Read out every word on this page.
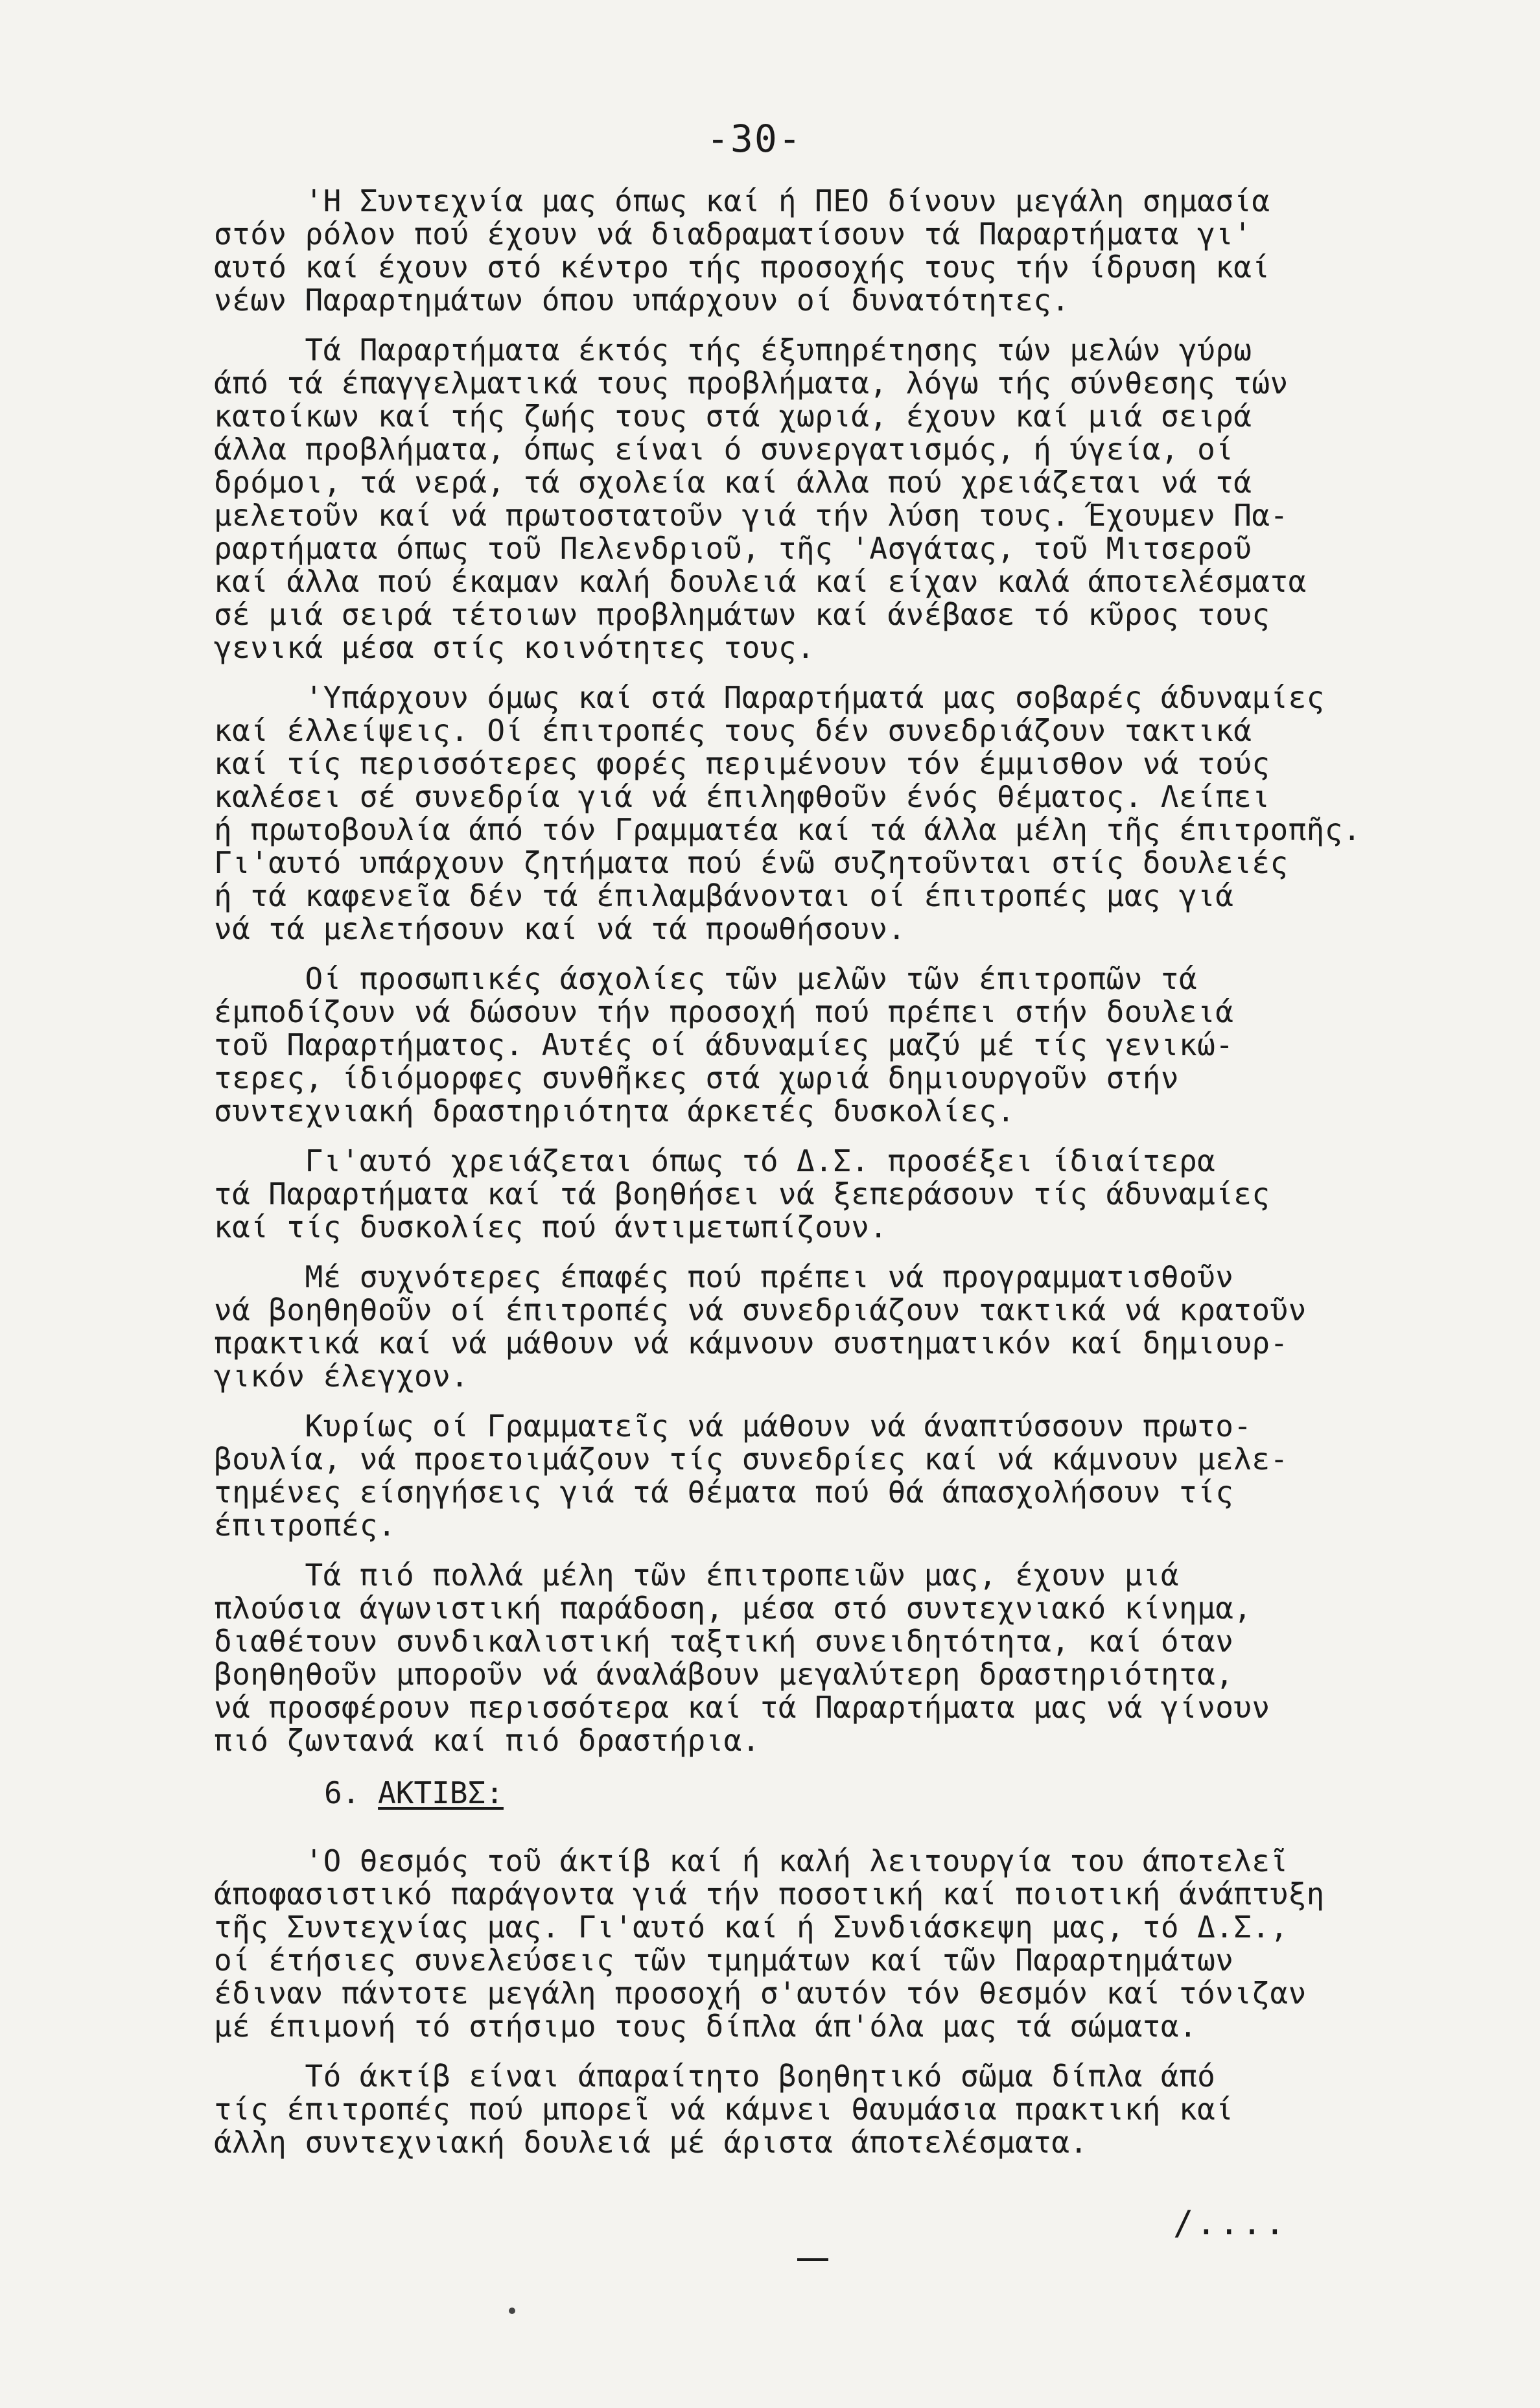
-30-
'Η Συντεχνία μας όπως καί ή ΠΕΟ δίνουν μεγάλη σημασία
στόν ρόλον πού έχουν νά διαδραματίσουν τά Παραρτήματα γι'
αυτό καί έχουν στό κέντρο τής προσοχής τους τήν ίδρυση καί
νέων Παραρτημάτων όπου υπάρχουν οί δυνατότητες.
Τά Παραρτήματα έκτός τής έξυπηρέτησης τών μελών γύρω
άπό τά έπαγγελματικά τους προβλήματα, λόγω τής σύνθεσης τών
κατοίκων καί τής ζωής τους στά χωριά, έχουν καί μιά σειρά
άλλα προβλήματα, όπως είναι ό συνεργατισμός, ή ύγεία, οί
δρόμοι, τά νερά, τά σχολεία καί άλλα πού χρειάζεται νά τά
μελετοῦν καί νά πρωτοστατοῦν γιά τήν λύση τους. Έχουμεν Πα-
ραρτήματα όπως τοῦ Πελενδριοῦ, τῆς 'Ασγάτας, τοῦ Μιτσεροῦ
καί άλλα πού έκαμαν καλή δουλειά καί είχαν καλά άποτελέσματα
σέ μιά σειρά τέτοιων προβλημάτων καί άνέβασε τό κῦρος τους
γενικά μέσα στίς κοινότητες τους.
'Υπάρχουν όμως καί στά Παραρτήματά μας σοβαρές άδυναμίες
καί έλλείψεις. Οί έπιτροπές τους δέν συνεδριάζουν τακτικά
καί τίς περισσότερες φορές περιμένουν τόν έμμισθον νά τούς
καλέσει σέ συνεδρία γιά νά έπιληφθοῦν ένός θέματος. Λείπει
ή πρωτοβουλία άπό τόν Γραμματέα καί τά άλλα μέλη τῆς έπιτροπῆς.
Γι'αυτό υπάρχουν ζητήματα πού ένῶ συζητοῦνται στίς δουλειές
ή τά καφενεῖα δέν τά έπιλαμβάνονται οί έπιτροπές μας γιά
νά τά μελετήσουν καί νά τά προωθήσουν.
Οί προσωπικές άσχολίες τῶν μελῶν τῶν έπιτροπῶν τά
έμποδίζουν νά δώσουν τήν προσοχή πού πρέπει στήν δουλειά
τοῦ Παραρτήματος. Αυτές οί άδυναμίες μαζύ μέ τίς γενικώ-
τερες, ίδιόμορφες συνθῆκες στά χωριά δημιουργοῦν στήν
συντεχνιακή δραστηριότητα άρκετές δυσκολίες.
Γι'αυτό χρειάζεται όπως τό Δ.Σ. προσέξει ίδιαίτερα
τά Παραρτήματα καί τά βοηθήσει νά ξεπεράσουν τίς άδυναμίες
καί τίς δυσκολίες πού άντιμετωπίζουν.
Μέ συχνότερες έπαφές πού πρέπει νά προγραμματισθοῦν
νά βοηθηθοῦν οί έπιτροπές νά συνεδριάζουν τακτικά νά κρατοῦν
πρακτικά καί νά μάθουν νά κάμνουν συστηματικόν καί δημιουρ-
γικόν έλεγχον.
Κυρίως οί Γραμματεῖς νά μάθουν νά άναπτύσσουν πρωτο-
βουλία, νά προετοιμάζουν τίς συνεδρίες καί νά κάμνουν μελε-
τημένες είσηγήσεις γιά τά θέματα πού θά άπασχολήσουν τίς
έπιτροπές.
Τά πιό πολλά μέλη τῶν έπιτροπειῶν μας, έχουν μιά
πλούσια άγωνιστική παράδοση, μέσα στό συντεχνιακό κίνημα,
διαθέτουν συνδικαλιστική ταξτική συνειδητότητα, καί όταν
βοηθηθοῦν μποροῦν νά άναλάβουν μεγαλύτερη δραστηριότητα,
νά προσφέρουν περισσότερα καί τά Παραρτήματα μας νά γίνουν
πιό ζωντανά καί πιό δραστήρια.
6. ΑΚΤΙΒΣ:
'Ο θεσμός τοῦ άκτίβ καί ή καλή λειτουργία του άποτελεῖ
άποφασιστικό παράγοντα γιά τήν ποσοτική καί ποιοτική άνάπτυξη
τῆς Συντεχνίας μας. Γι'αυτό καί ή Συνδιάσκεψη μας, τό Δ.Σ.,
οί έτήσιες συνελεύσεις τῶν τμημάτων καί τῶν Παραρτημάτων
έδιναν πάντοτε μεγάλη προσοχή σ'αυτόν τόν θεσμόν καί τόνιζαν
μέ έπιμονή τό στήσιμο τους δίπλα άπ'όλα μας τά σώματα.
Τό άκτίβ είναι άπαραίτητο βοηθητικό σῶμα δίπλα άπό
τίς έπιτροπές πού μπορεῖ νά κάμνει θαυμάσια πρακτική καί
άλλη συντεχνιακή δουλειά μέ άριστα άποτελέσματα.
/....
